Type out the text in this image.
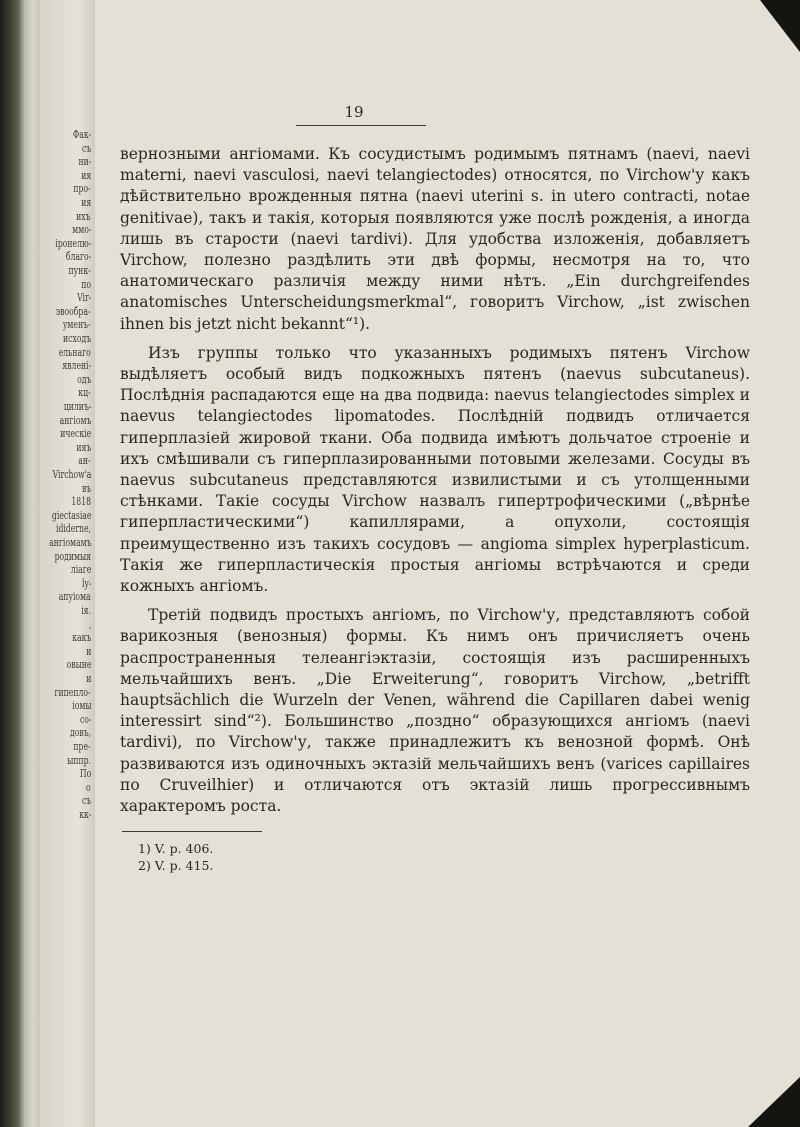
Фак-
съ
ни-
ия
про-
ия
ихъ
ммо-
іронелю-
благо-
пунк-
по
Vir-
эвообра-
уменъ-
исходъ
ельнаго
явлені-
одъ
кц-
цилиъ-
ангіомъ
ическіе
ияъ
ан-
Virchow'a
въ
1818
giectasiae
ididerne,
ангіомамъ
родимыя
ліаге
ly-
апуіома
ія.
,
какъ
и
овыне
и
гипепло-
іомы
со-
довъ,
пре-
ыппр.
По
о
съ
кк-
19

вернозными ангіомами. Къ сосудистымъ родимымъ пятнамъ (naevi, naevi materni, naevi vasculosi, naevi telangiectodes) относятся, по Virchow'у какъ дѣйствительно врожденныя пятна (naevi uterini s. in utero contracti, notae genitivae), такъ и такія, которыя появляются уже послѣ рожденія, а иногда лишь въ старости (naevi tardivi). Для удобства изложенія, добавляетъ Virchow, полезно раздѣлить эти двѣ формы, несмотря на то, что анатомическаго различія между ними нѣтъ. „Ein durchgreifendes anatomisches Unterscheidungsmerkmal“, говоритъ Virchow, „ist zwischen ihnen bis jetzt nicht bekannt“¹).

Изъ группы только что указанныхъ родимыхъ пятенъ Virchow выдѣляетъ особый видъ подкожныхъ пятенъ (naevus subcutaneus). Послѣднія распадаются еще на два подвида: naevus telangiectodes simplex и naevus telangiectodes lipomatodes. Послѣдній подвидъ отличается гиперплазіей жировой ткани. Оба подвида имѣютъ дольчатое строеніе и ихъ смѣшивали съ гиперплазированными потовыми железами. Сосуды въ naevus subcutaneus представляются извилистыми и съ утолщенными стѣнками. Такіе сосуды Virchow назвалъ гипертрофическими („вѣрнѣе гиперпластическими“) капиллярами, а опухоли, состоящія преимущественно изъ такихъ сосудовъ — angioma simplex hyperplasticum. Такія же гиперпластическія простыя ангіомы встрѣчаются и среди кожныхъ ангіомъ.

Третій подвидъ простыхъ ангіомъ, по Virchow'у, представляютъ собой варикозныя (венозныя) формы. Къ нимъ онъ причисляетъ очень распространенныя телеангіэктазіи, состоящія изъ расширенныхъ мельчайшихъ венъ. „Die Erweiterung“, говоритъ Virchow, „betrifft hauptsächlich die Wurzeln der Venen, während die Capillaren dabei wenig interessirt sind“²). Большинство „поздно“ образующихся ангіомъ (naevi tardivi), по Virchow'у, также принадлежитъ къ венозной формѣ. Онѣ развиваются изъ одиночныхъ эктазій мельчайшихъ венъ (varices capillaires по Cruveilhier) и отличаются отъ эктазій лишь прогрессивнымъ характеромъ роста.

1) V. p. 406.
2) V. p. 415.
